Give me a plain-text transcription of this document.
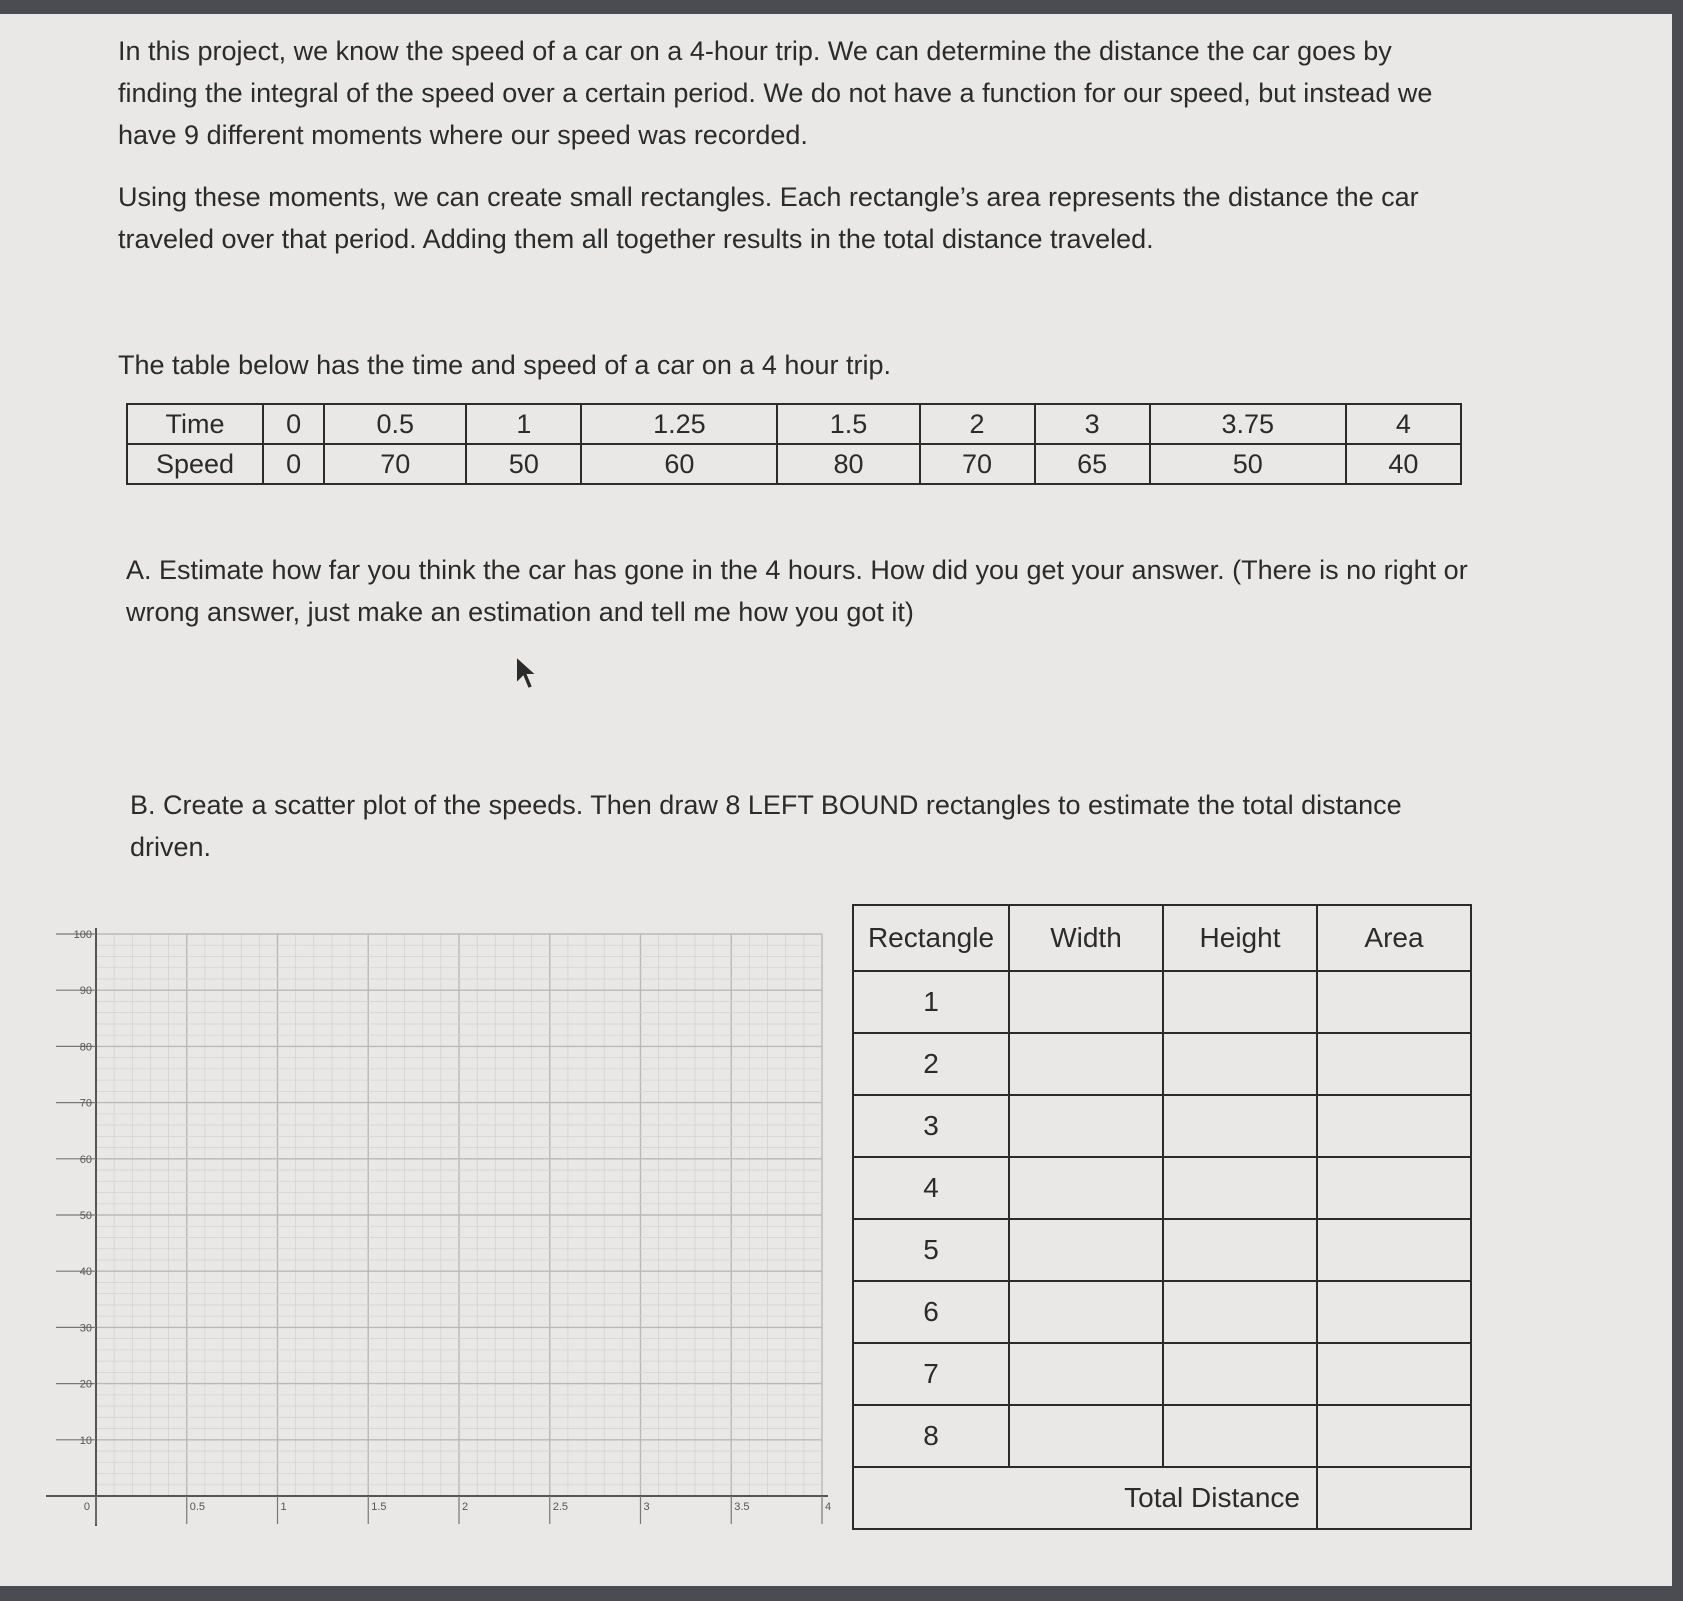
In this project, we know the speed of a car on a 4-hour trip. We can determine the distance the car goes by finding the integral of the speed over a certain period. We do not have a function for our speed, but instead we have 9 different moments where our speed was recorded.

Using these moments, we can create small rectangles. Each rectangle’s area represents the distance the car traveled over that period. Adding them all together results in the total distance traveled.

The table below has the time and speed of a car on a 4 hour trip.

Time	0	0.5	1	1.25	1.5	2	3	3.75	4
Speed	0	70	50	60	80	70	65	50	40

A. Estimate how far you think the car has gone in the 4 hours. How did you get your answer. (There is no right or wrong answer, just make an estimation and tell me how you got it)

B. Create a scatter plot of the speeds. Then draw 8 LEFT BOUND rectangles to estimate the total distance driven.

10
20
30
40
50
60
70
80
90
100
0	0.5	1	1.5	2	2.5	3	3.5	4
Rectangle	Width	Height	Area
1			
2			
3			
4			
5			
6			
7			
8			
Total Distance			
